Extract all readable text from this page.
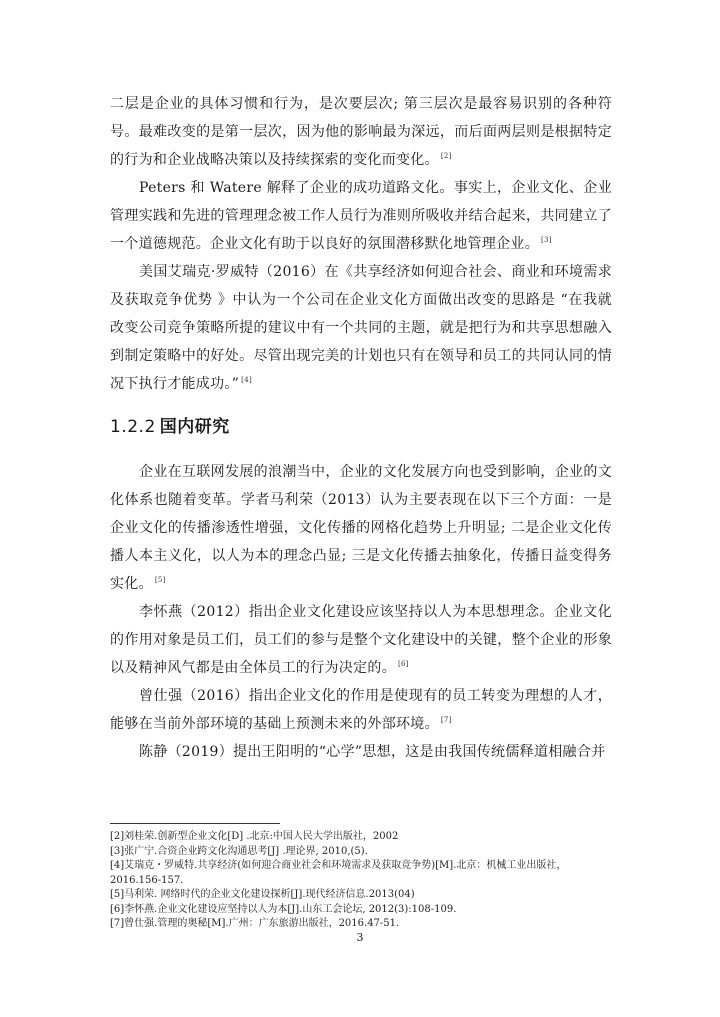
二层是企业的具体习惯和行为，是次要层次; 第三层次是最容易识别的各种符号。最难改变的是第一层次，因为他的影响最为深远，而后面两层则是根据特定的行为和企业战略决策以及持续探索的变化而变化。 [2]

Peters 和 Watere 解释了企业的成功道路文化。事实上，企业文化、企业管理实践和先进的管理理念被工作人员行为准则所吸收并结合起来，共同建立了一个道德规范。企业文化有助于以良好的氛围潜移默化地管理企业。 [3]

美国艾瑞克·罗威特（2016）在《共享经济如何迎合社会、商业和环境需求及获取竞争优势 》中认为一个公司在企业文化方面做出改变的思路是 “在我就改变公司竞争策略所提的建议中有一个共同的主题，就是把行为和共享思想融入到制定策略中的好处。尽管出现完美的计划也只有在领导和员工的共同认同的情况下执行才能成功。” [4]

1.2.2 国内研究

企业在互联网发展的浪潮当中，企业的文化发展方向也受到影响，企业的文化体系也随着变革。学者马利荣（2013）认为主要表现在以下三个方面：一是企业文化的传播渗透性增强，文化传播的网格化趋势上升明显; 二是企业文化传播人本主义化，以人为本的理念凸显; 三是文化传播去抽象化，传播日益变得务实化。 [5]

李怀燕（2012）指出企业文化建设应该坚持以人为本思想理念。企业文化的作用对象是员工们，员工们的参与是整个文化建设中的关键，整个企业的形象以及精神风气都是由全体员工的行为决定的。 [6]

曾仕强（2016）指出企业文化的作用是使现有的员工转变为理想的人才，能够在当前外部环境的基础上预测未来的外部环境。 [7]

陈静（2019）提出王阳明的“心学”思想，这是由我国传统儒释道相融合并

[2]刘桂荣.创新型企业文化[D] .北京:中国人民大学出版社，2002
[3]张广宁.合资企业跨文化沟通思考[J] .理论界, 2010,(5).
[4]艾瑞克・罗威特.共享经济(如何迎合商业社会和环境需求及获取竞争势)[M].北京：机械工业出版社，2016.156-157.
[5]马利荣. 网络时代的企业文化建设探析[J].现代经济信息.2013(04)
[6]李怀燕.企业文化建设应坚持以人为本[J].山东工会论坛, 2012(3):108-109.
[7]曾仕强.管理的奥秘[M].广州：广东旅游出版社，2016.47-51.
3
